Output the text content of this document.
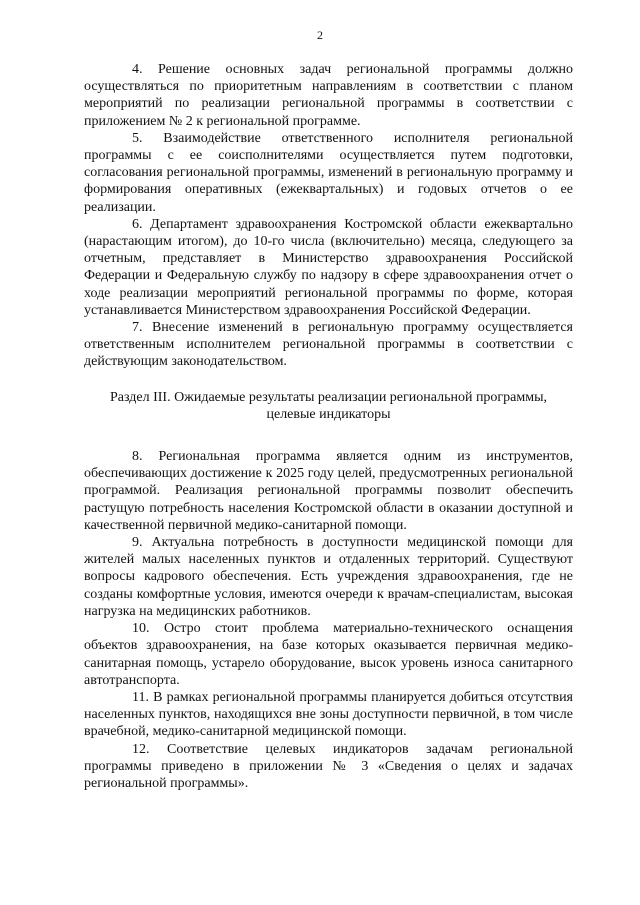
2

4. Решение основных задач региональной программы должно осуществляться по приоритетным направлениям в соответствии с планом мероприятий по реализации региональной программы в соответствии с приложением № 2 к региональной программе.

5. Взаимодействие ответственного исполнителя региональной программы с ее соисполнителями осуществляется путем подготовки, согласования региональной программы, изменений в региональную программу и формирования оперативных (ежеквартальных) и годовых отчетов о ее реализации.

6. Департамент здравоохранения Костромской области ежеквартально (нарастающим итогом), до 10-го числа (включительно) месяца, следующего за отчетным, представляет в Министерство здравоохранения Российской Федерации и Федеральную службу по надзору в сфере здравоохранения отчет о ходе реализации мероприятий региональной программы по форме, которая устанавливается Министерством здравоохранения Российской Федерации.

7. Внесение изменений в региональную программу осуществляется ответственным исполнителем региональной программы в соответствии с действующим законодательством.

Раздел III. Ожидаемые результаты реализации региональной программы,
целевые индикаторы

8. Региональная программа является одним из инструментов, обеспечивающих достижение к 2025 году целей, предусмотренных региональной программой. Реализация региональной программы позволит обеспечить растущую потребность населения Костромской области в оказании доступной и качественной первичной медико-санитарной помощи.

9. Актуальна потребность в доступности медицинской помощи для жителей малых населенных пунктов и отдаленных территорий. Существуют вопросы кадрового обеспечения. Есть учреждения здравоохранения, где не созданы комфортные условия, имеются очереди к врачам-специалистам, высокая нагрузка на медицинских работников.

10. Остро стоит проблема материально-технического оснащения объектов здравоохранения, на базе которых оказывается первичная медико-санитарная помощь, устарело оборудование, высок уровень износа санитарного автотранспорта.

11. В рамках региональной программы планируется добиться отсутствия населенных пунктов, находящихся вне зоны доступности первичной, в том числе врачебной, медико-санитарной медицинской помощи.

12. Соответствие целевых индикаторов задачам региональной программы приведено в приложении № 3 «Сведения о целях и задачах региональной программы».
